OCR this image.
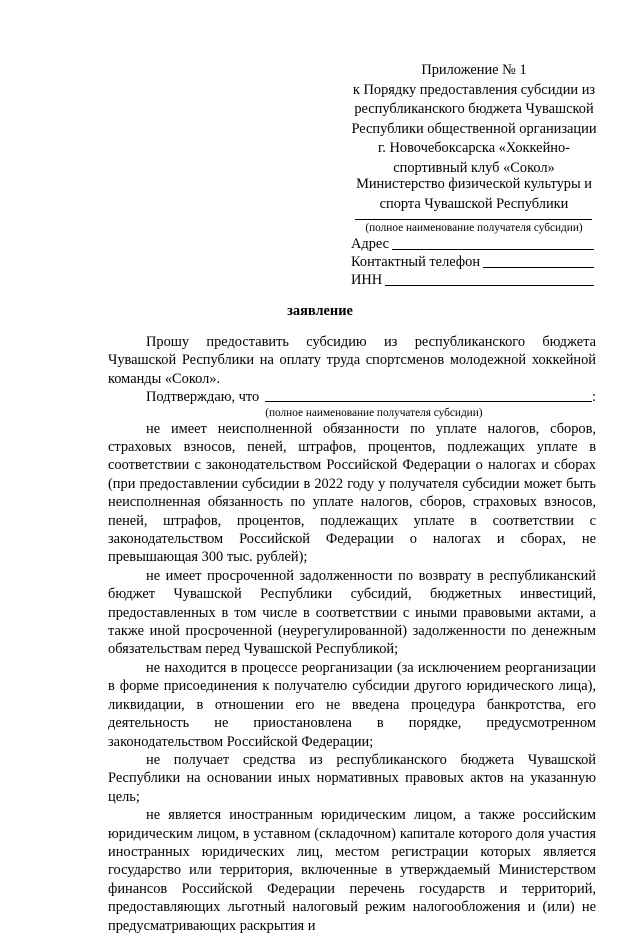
Приложение № 1
к Порядку предоставления субсидии из
республиканского бюджета Чувашской
Республики общественной организации
г. Новочебоксарска «Хоккейно-
спортивный клуб «Сокол»
Министерство физической культуры и
спорта Чувашской Республики
(полное наименование получателя субсидии)
Адрес
Контактный телефон
ИНН
заявление

Прошу предоставить субсидию из республиканского бюджета Чувашской Республики на оплату труда спортсменов молодежной хоккейной команды «Сокол».

Подтверждаю, что	:

(полное наименование получателя субсидии)

не имеет неисполненной обязанности по уплате налогов, сборов, страховых взносов, пеней, штрафов, процентов, подлежащих уплате в соответствии с законодательством Российской Федерации о налогах и сборах (при предоставлении субсидии в 2022 году у получателя субсидии может быть неисполненная обязанность по уплате налогов, сборов, страховых взносов, пеней, штрафов, процентов, подлежащих уплате в соответствии с законодательством Российской Федерации о налогах и сборах, не превышающая 300 тыс. рублей);

не имеет просроченной задолженности по возврату в республиканский бюджет Чувашской Республики субсидий, бюджетных инвестиций, предоставленных в том числе в соответствии с иными правовыми актами, а также иной просроченной (неурегулированной) задолженности по денежным обязательствам перед Чувашской Республикой;

не находится в процессе реорганизации (за исключением реорганизации в форме присоединения к получателю субсидии другого юридического лица), ликвидации, в отношении его не введена процедура банкротства, его деятельность не приостановлена в порядке, предусмотренном законодательством Российской Федерации;

не получает средства из республиканского бюджета Чувашской Республики на основании иных нормативных правовых актов на указанную цель;

не является иностранным юридическим лицом, а также российским юридическим лицом, в уставном (складочном) капитале которого доля участия иностранных юридических лиц, местом регистрации которых является государство или территория, включенные в утверждаемый Министерством финансов Российской Федерации перечень государств и территорий, предоставляющих льготный налоговый режим налогообложения и (или) не предусматривающих раскрытия и
